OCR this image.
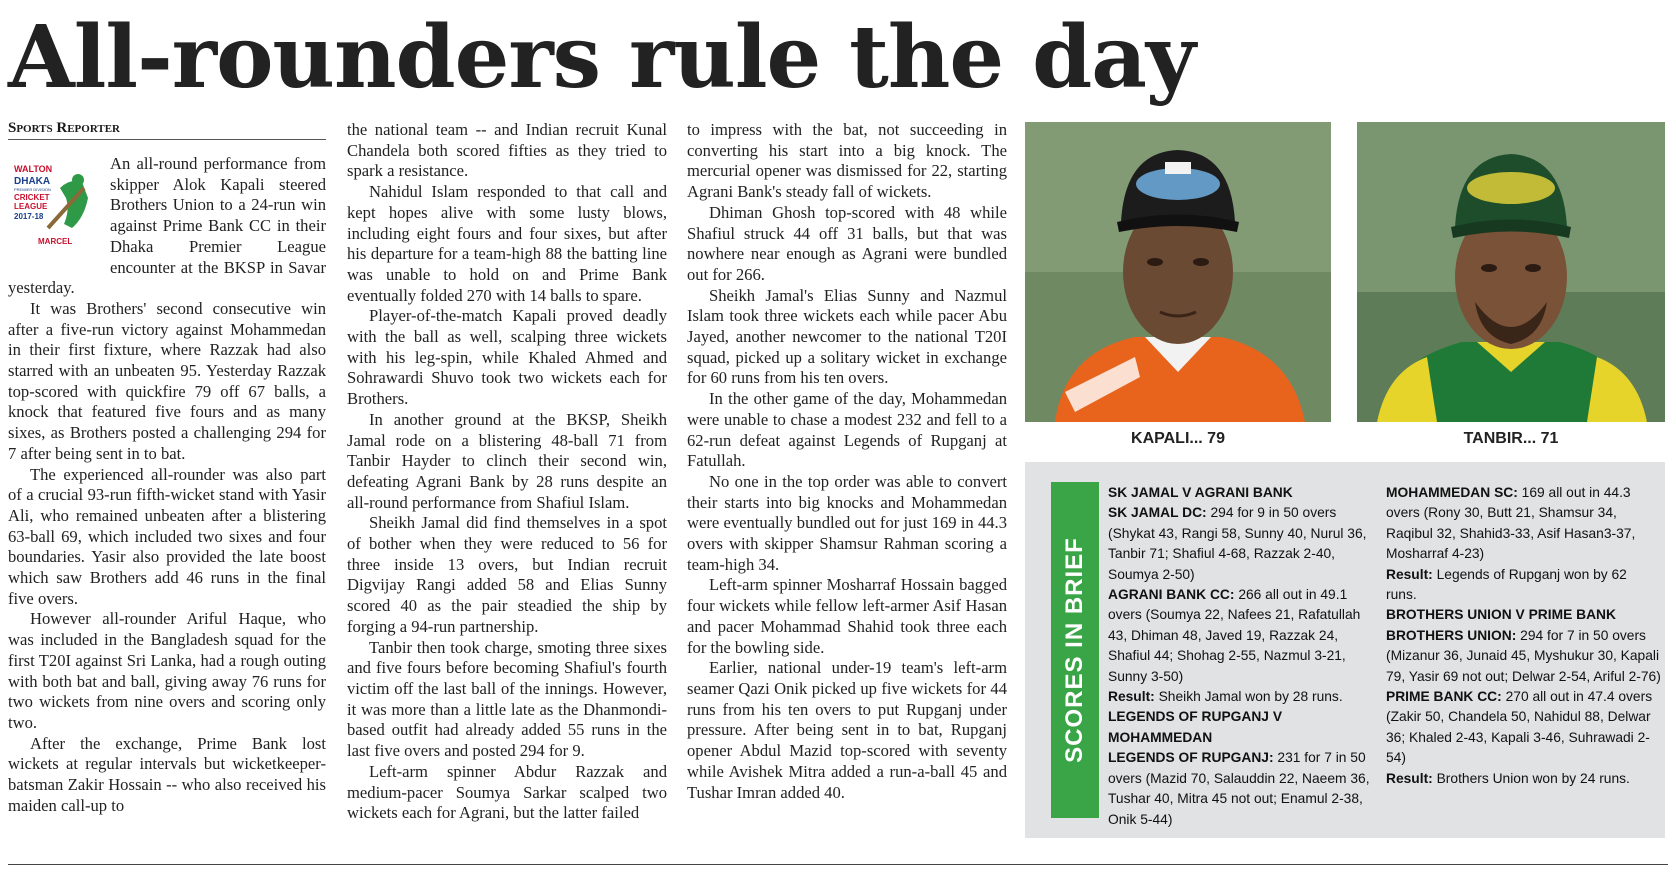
All-rounders rule the day
Sports Reporter
WALTON
DHAKA
PREMIER DIVISION
CRICKET
LEAGUE
2017-18
MARCEL

An all-round performance from skipper Alok Kapali steered Brothers Union to a 24-run win against Prime Bank CC in their Dhaka Premier League encounter at the BKSP in Savar yesterday.

It was Brothers' second consecutive win after a five-run victory against Mohammedan in their first fixture, where Razzak had also starred with an unbeaten 95. Yesterday Razzak top-scored with quickfire 79 off 67 balls, a knock that featured five fours and as many sixes, as Brothers posted a challenging 294 for 7 after being sent in to bat.

The experienced all-rounder was also part of a crucial 93-run fifth-wicket stand with Yasir Ali, who remained unbeaten after a blistering 63-ball 69, which included two sixes and four boundaries. Yasir also provided the late boost which saw Brothers add 46 runs in the final five overs.

However all-rounder Ariful Haque, who was included in the Bangladesh squad for the first T20I against Sri Lanka, had a rough outing with both bat and ball, giving away 76 runs for two wickets from nine overs and scoring only two.

After the exchange, Prime Bank lost wickets at regular intervals but wicketkeeper-batsman Zakir Hossain -- who also received his maiden call-up to

the national team -- and Indian recruit Kunal Chandela both scored fifties as they tried to spark a resistance.

Nahidul Islam responded to that call and kept hopes alive with some lusty blows, including eight fours and four sixes, but after his departure for a team-high 88 the batting line was unable to hold on and Prime Bank eventually folded 270 with 14 balls to spare.

Player-of-the-match Kapali proved deadly with the ball as well, scalping three wickets with his leg-spin, while Khaled Ahmed and Sohrawardi Shuvo took two wickets each for Brothers.

In another ground at the BKSP, Sheikh Jamal rode on a blistering 48-ball 71 from Tanbir Hayder to clinch their second win, defeating Agrani Bank by 28 runs despite an all-round performance from Shafiul Islam.

Sheikh Jamal did find themselves in a spot of bother when they were reduced to 56 for three inside 13 overs, but Indian recruit Digvijay Rangi added 58 and Elias Sunny scored 40 as the pair steadied the ship by forging a 94-run partnership.

Tanbir then took charge, smoting three sixes and five fours before becoming Shafiul's fourth victim off the last ball of the innings. However, it was more than a little late as the Dhanmondi-based outfit had already added 55 runs in the last five overs and posted 294 for 9.

Left-arm spinner Abdur Razzak and medium-pacer Soumya Sarkar scalped two wickets each for Agrani, but the latter failed

to impress with the bat, not succeeding in converting his start into a big knock. The mercurial opener was dismissed for 22, starting Agrani Bank's steady fall of wickets.

Dhiman Ghosh top-scored with 48 while Shafiul struck 44 off 31 balls, but that was nowhere near enough as Agrani were bundled out for 266.

Sheikh Jamal's Elias Sunny and Nazmul Islam took three wickets each while pacer Abu Jayed, another newcomer to the national T20I squad, picked up a solitary wicket in exchange for 60 runs from his ten overs.

In the other game of the day, Mohammedan were unable to chase a modest 232 and fell to a 62-run defeat against Legends of Rupganj at Fatullah.

No one in the top order was able to convert their starts into big knocks and Mohammedan were eventually bundled out for just 169 in 44.3 overs with skipper Shamsur Rahman scoring a team-high 34.

Left-arm spinner Mosharraf Hossain bagged four wickets while fellow left-armer Asif Hasan and pacer Mohammad Shahid took three each for the bowling side.

Earlier, national under-19 team's left-arm seamer Qazi Onik picked up five wickets for 44 runs from his ten overs to put Rupganj under pressure. After being sent in to bat, Rupganj opener Abdul Mazid top-scored with seventy while Avishek Mitra added a run-a-ball 45 and Tushar Imran added 40.

KAPALI... 79	TANBIR... 71
SCORES IN BRIEF
SK JAMAL V AGRANI BANK
SK JAMAL DC: 294 for 9 in 50 overs (Shykat 43, Rangi 58, Sunny 40, Nurul 36, Tanbir 71; Shafiul 4-68, Razzak 2-40, Soumya 2-50)
AGRANI BANK CC: 266 all out in 49.1 overs (Soumya 22, Nafees 21, Rafatullah 43, Dhiman 48, Javed 19, Razzak 24, Shafiul 44; Shohag 2-55, Nazmul 3-21, Sunny 3-50)
Result: Sheikh Jamal won by 28 runs.
LEGENDS OF RUPGANJ V MOHAMMEDAN
LEGENDS OF RUPGANJ: 231 for 7 in 50 overs (Mazid 70, Salauddin 22, Naeem 36, Tushar 40, Mitra 45 not out; Enamul 2-38, Onik 5-44)
MOHAMMEDAN SC: 169 all out in 44.3 overs (Rony 30, Butt 21, Shamsur 34, Raqibul 32, Shahid3-33, Asif Hasan3-37, Mosharraf 4-23)
Result: Legends of Rupganj won by 62 runs.
BROTHERS UNION V PRIME BANK
BROTHERS UNION: 294 for 7 in 50 overs (Mizanur 36, Junaid 45, Myshukur 30, Kapali 79, Yasir 69 not out; Delwar 2-54, Ariful 2-76)
PRIME BANK CC: 270 all out in 47.4 overs (Zakir 50, Chandela 50, Nahidul 88, Delwar 36; Khaled 2-43, Kapali 3-46, Suhrawadi 2-54)
Result: Brothers Union won by 24 runs.
